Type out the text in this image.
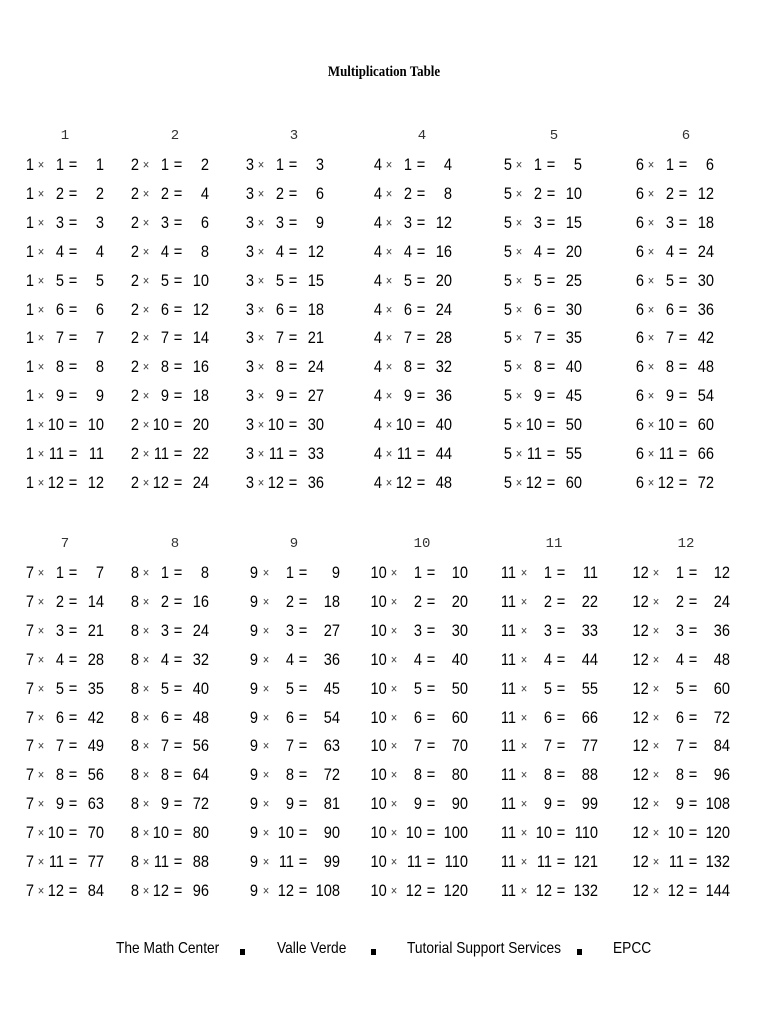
Multiplication Table
1
1 × 1 =	1
1 × 2 =	2
1 × 3 =	3
1 × 4 =	4
1 × 5 =	5
1 × 6 =	6
1 × 7 =	7
1 × 8 =	8
1 × 9 =	9
1 × 10 = 10
1 × 11 = 11
1 × 12 = 12
2
2 × 1 =	2
2 × 2 =	4
2 × 3 =	6
2 × 4 =	8
2 × 5 = 10
2 × 6 = 12
2 × 7 = 14
2 × 8 = 16
2 × 9 = 18
2 × 10 = 20
2 × 11 = 22
2 × 12 = 24
3
3 × 1 =	3
3 × 2 =	6
3 × 3 =	9
3 × 4 = 12
3 × 5 = 15
3 × 6 = 18
3 × 7 = 21
3 × 8 = 24
3 × 9 = 27
3 × 10 = 30
3 × 11 = 33
3 × 12 = 36
4
4 × 1 =	4
4 × 2 =	8
4 × 3 = 12
4 × 4 = 16
4 × 5 = 20
4 × 6 = 24
4 × 7 = 28
4 × 8 = 32
4 × 9 = 36
4 × 10 = 40
4 × 11 = 44
4 × 12 = 48
5
5 × 1 =	5
5 × 2 = 10
5 × 3 = 15
5 × 4 = 20
5 × 5 = 25
5 × 6 = 30
5 × 7 = 35
5 × 8 = 40
5 × 9 = 45
5 × 10 = 50
5 × 11 = 55
5 × 12 = 60
6
6 × 1 =	6
6 × 2 = 12
6 × 3 = 18
6 × 4 = 24
6 × 5 = 30
6 × 6 = 36
6 × 7 = 42
6 × 8 = 48
6 × 9 = 54
6 × 10 = 60
6 × 11 = 66
6 × 12 = 72
7
7 × 1 =	7
7 × 2 = 14
7 × 3 = 21
7 × 4 = 28
7 × 5 = 35
7 × 6 = 42
7 × 7 = 49
7 × 8 = 56
7 × 9 = 63
7 × 10 = 70
7 × 11 = 77
7 × 12 = 84
8
8 × 1 =	8
8 × 2 = 16
8 × 3 = 24
8 × 4 = 32
8 × 5 = 40
8 × 6 = 48
8 × 7 = 56
8 × 8 = 64
8 × 9 = 72
8 × 10 = 80
8 × 11 = 88
8 × 12 = 96
9
9 × 1 =	9
9 × 2 = 18
9 × 3 = 27
9 × 4 = 36
9 × 5 = 45
9 × 6 = 54
9 × 7 = 63
9 × 8 = 72
9 × 9 = 81
9 × 10 = 90
9 × 11 = 99
9 × 12 = 108
10
10 × 1 = 10
10 × 2 = 20
10 × 3 = 30
10 × 4 = 40
10 × 5 = 50
10 × 6 = 60
10 × 7 = 70
10 × 8 = 80
10 × 9 = 90
10 × 10 = 100
10 × 11 = 110
10 × 12 = 120
11
11 × 1 =	11
11 × 2 = 22
11 × 3 = 33
11 × 4 = 44
11 × 5 = 55
11 × 6 = 66
11 × 7 = 77
11 × 8 = 88
11 × 9 = 99
11 × 10 = 110
11 × 11 = 121
11 × 12 = 132
12
12 × 1 = 12
12 × 2 = 24
12 × 3 = 36
12 × 4 = 48
12 × 5 = 60
12 × 6 = 72
12 × 7 = 84
12 × 8 = 96
12 × 9 = 108
12 × 10 = 120
12 × 11 = 132
12 × 12 = 144
The Math Center	Valle Verde	Tutorial Support Services	EPCC
